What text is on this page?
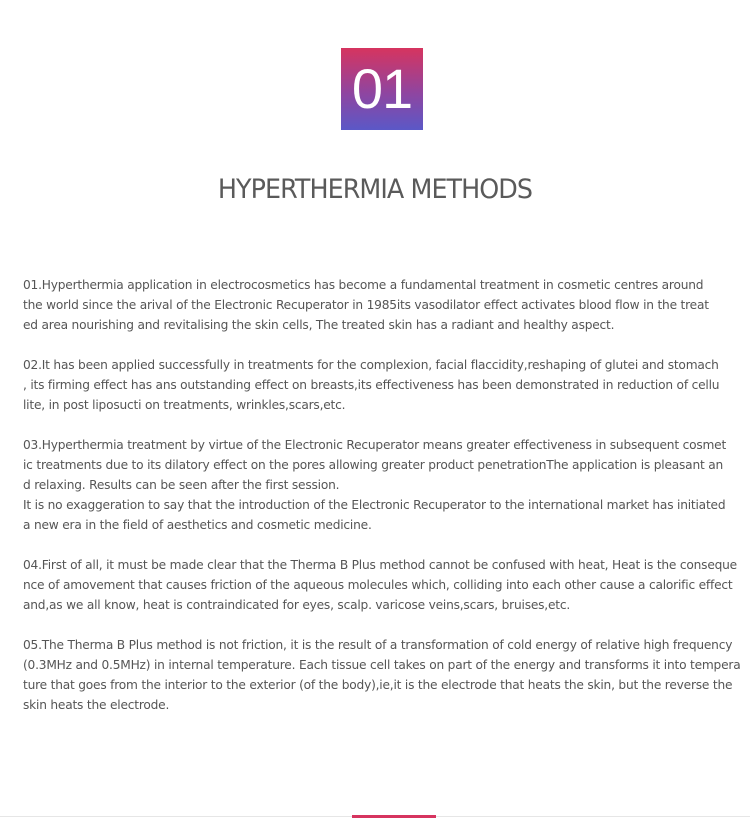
01
HYPERTHERMIA METHODS
01.Hyperthermia application in electrocosmetics has become a fundamental treatment in cosmetic centres around
the world since the arival of the Electronic Recuperator in 1985its vasodilator effect activates blood flow in the treat
ed area nourishing and revitalising the skin cells, The treated skin has a radiant and healthy aspect.
02.It has been applied successfully in treatments for the complexion, facial flaccidity,reshaping of glutei and stomach
, its firming effect has ans outstanding effect on breasts,its effectiveness has been demonstrated in reduction of cellu
lite, in post liposucti on treatments, wrinkles,scars,etc.
03.Hyperthermia treatment by virtue of the Electronic Recuperator means greater effectiveness in subsequent cosmet
ic treatments due to its dilatory effect on the pores allowing greater product penetrationThe application is pleasant an
d relaxing. Results can be seen after the first session.
It is no exaggeration to say that the introduction of the Electronic Recuperator to the international market has initiated
a new era in the field of aesthetics and cosmetic medicine.
04.First of all, it must be made clear that the Therma B Plus method cannot be confused with heat, Heat is the conseque
nce of amovement that causes friction of the aqueous molecules which, colliding into each other cause a calorific effect
and,as we all know, heat is contraindicated for eyes, scalp. varicose veins,scars, bruises,etc.
05.The Therma B Plus method is not friction, it is the result of a transformation of cold energy of relative high frequency
(0.3MHz and 0.5MHz) in internal temperature. Each tissue cell takes on part of the energy and transforms it into tempera
ture that goes from the interior to the exterior (of the body),ie,it is the electrode that heats the skin, but the reverse the
skin heats the electrode.
